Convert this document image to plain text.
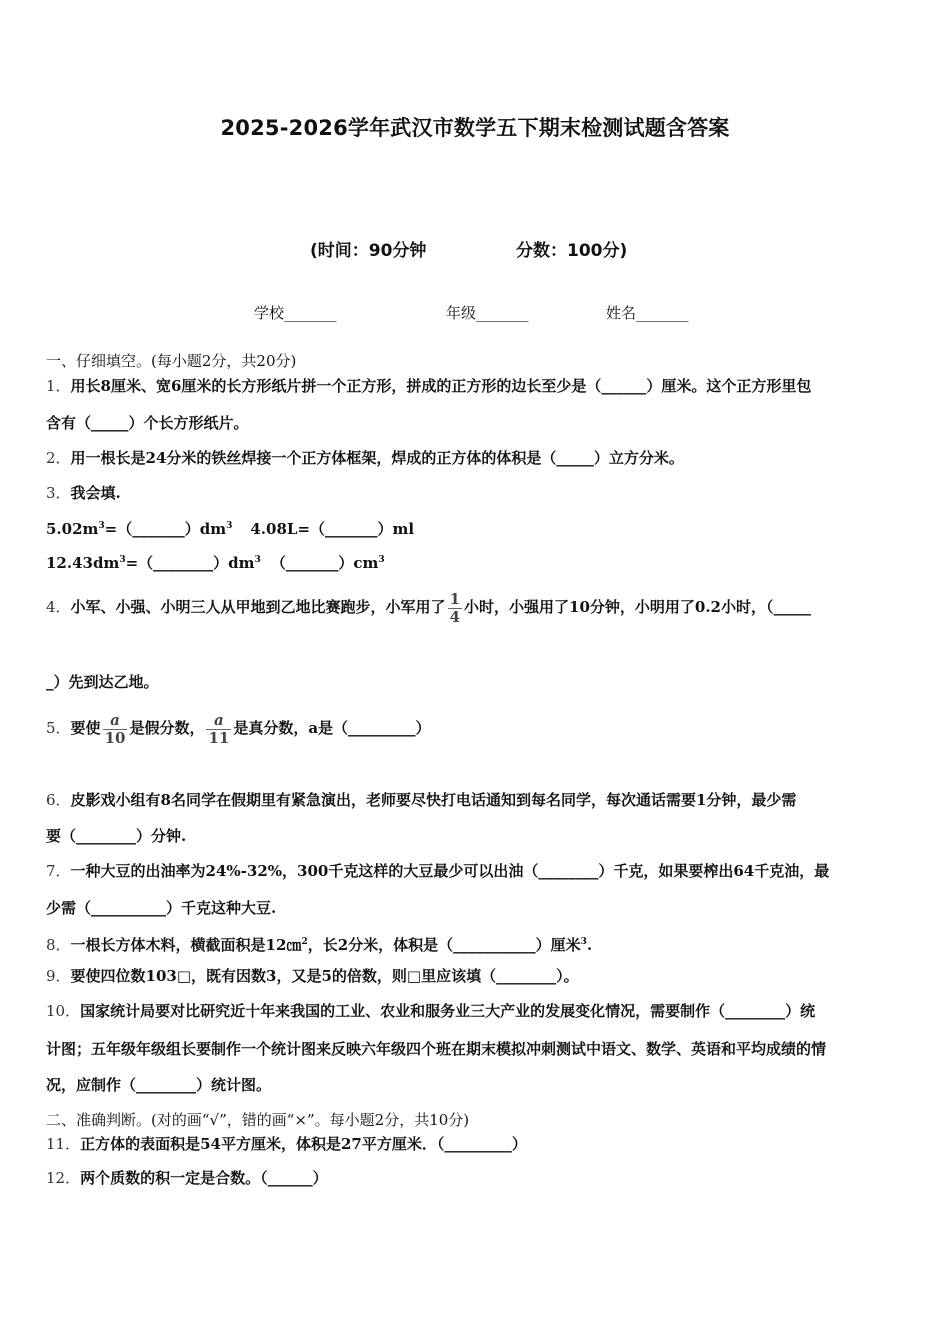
2025-2026学年武汉市数学五下期末检测试题含答案
(时间：90分钟	分数：100分)
学校_______	年级_______	姓名_______
一、仔细填空。(每小题2分，共20分)
1．用长8厘米、宽6厘米的长方形纸片拼一个正方形，拼成的正方形的边长至少是（______）厘米。这个正方形里包
含有（_____）个长方形纸片。
2．用一根长是24分米的铁丝焊接一个正方体框架，焊成的正方体的体积是（_____）立方分米。
3．我会填.
$5.02m^3=(\_\_\_\_\_\_\_)dm^3$ 4.08L=（_______）ml
$12.43dm^3=(\_\_\_\_\_\_\_\_)dm^3$ $(\_\_\_\_\_\_\_)cm^3$
4．小军、小强、小明三人从甲地到乙地比赛跑步，小军用了 $\frac{1}{4}$ 小时，小强用了10分钟，小明用了0.2小时，（_____
_）先到达乙地。
5．要使 $\frac{a}{10}$ 是假分数， $\frac{a}{11}$ 是真分数，a是（_________）
6．皮影戏小组有8名同学在假期里有紧急演出，老师要尽快打电话通知到每名同学，每次通话需要1分钟，最少需
要（________）分钟.
7．一种大豆的出油率为24%-32%，300千克这样的大豆最少可以出油（________）千克，如果要榨出64千克油，最
少需（__________）千克这种大豆.
8．一根长方体木料，横截面积是12㎝$^2$，长2分米，体积是（___________）厘米$^3$.
9．要使四位数103□，既有因数3，又是5的倍数，则□里应该填（________）。
10．国家统计局要对比研究近十年来我国的工业、农业和服务业三大产业的发展变化情况，需要制作（________）统
计图；五年级年级组长要制作一个统计图来反映六年级四个班在期末模拟冲刺测试中语文、数学、英语和平均成绩的情
况，应制作（________）统计图。
二、准确判断。(对的画“√”，错的画“×”。每小题2分，共10分)
11．正方体的表面积是54平方厘米，体积是27平方厘米．（_________）
12．两个质数的积一定是合数。（______）
